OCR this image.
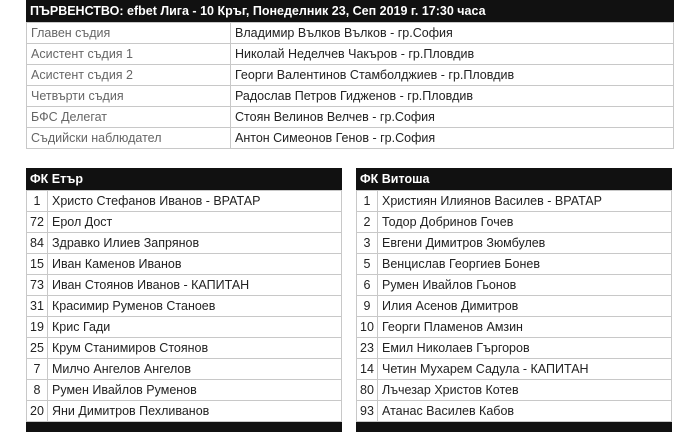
ПЪРВЕНСТВО: efbet Лига - 10 Кръг, Понеделник 23, Сеп 2019 г. 17:30 часа
Главен съдия	Владимир Вълков Вълков - гр.София
Асистент съдия 1	Николай Неделчев Чакъров - гр.Пловдив
Асистент съдия 2	Георги Валентинов Стамболджиев - гр.Пловдив
Четвърти съдия	Радослав Петров Гидженов - гр.Пловдив
БФС Делегат	Стоян Велинов Велчев - гр.София
Съдийски наблюдател	Антон Симеонов Генов - гр.София
ФК Етър
1	Христо Стефанов Иванов - ВРАТАР
72	Ерол Дост
84	Здравко Илиев Запрянов
15	Иван Каменов Иванов
73	Иван Стоянов Иванов - КАПИТАН
31	Красимир Руменов Станоев
19	Крис Гади
25	Крум Станимиров Стоянов
7	Милчо Ангелов Ангелов
8	Румен Ивайлов Руменов
20	Яни Димитров Пехливанов
ФК Витоша
1	Християн Илиянов Василев - ВРАТАР
2	Тодор Добринов Гочев
3	Евгени Димитров Зюмбулев
5	Венцислав Георгиев Бонев
6	Румен Ивайлов Гьонов
9	Илия Асенов Димитров
10	Георги Пламенов Амзин
23	Емил Николаев Гъргоров
14	Четин Мухарем Садула - КАПИТАН
80	Лъчезар Христов Котев
93	Атанас Василев Кабов
